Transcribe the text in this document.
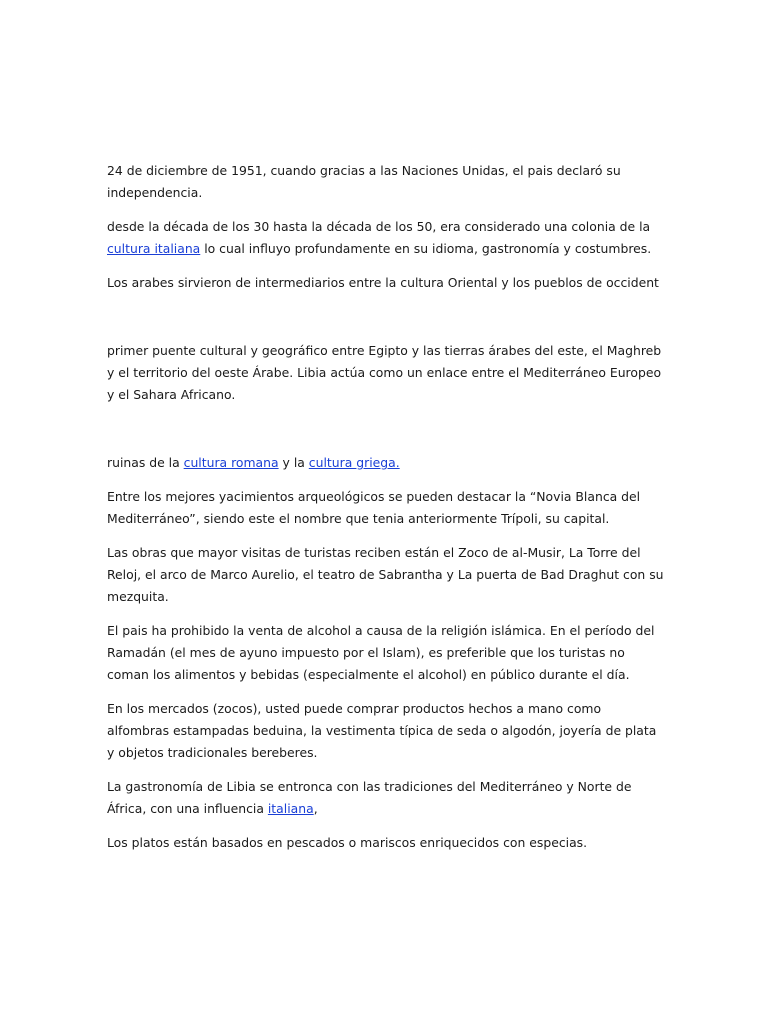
24 de diciembre de 1951, cuando gracias a las Naciones Unidas, el pais declaró su independencia.

desde la década de los 30 hasta la década de los 50, era considerado una colonia de la cultura italiana lo cual influyo profundamente en su idioma, gastronomía y costumbres.

Los arabes sirvieron de intermediarios entre la cultura Oriental y los pueblos de occident

primer puente cultural y geográfico entre Egipto y las tierras árabes del este, el Maghreb y el territorio del oeste Árabe. Libia actúa como un enlace entre el Mediterráneo Europeo y el Sahara Africano.

ruinas de la cultura romana y la cultura griega.

Entre los mejores yacimientos arqueológicos se pueden destacar la “Novia Blanca del Mediterráneo”, siendo este el nombre que tenia anteriormente Trípoli, su capital.

Las obras que mayor visitas de turistas reciben están el Zoco de al-Musir, La Torre del Reloj, el arco de Marco Aurelio, el teatro de Sabrantha y La puerta de Bad Draghut con su mezquita.

El pais ha prohibido la venta de alcohol a causa de la religión islámica. En el período del Ramadán (el mes de ayuno impuesto por el Islam), es preferible que los turistas no coman los alimentos y bebidas (especialmente el alcohol) en público durante el día.

En los mercados (zocos), usted puede comprar productos hechos a mano como alfombras estampadas beduina, la vestimenta típica de seda o algodón, joyería de plata y objetos tradicionales bereberes.

La gastronomía de Libia se entronca con las tradiciones del Mediterráneo y Norte de África, con una influencia italiana,

Los platos están basados en pescados o mariscos enriquecidos con especias.
